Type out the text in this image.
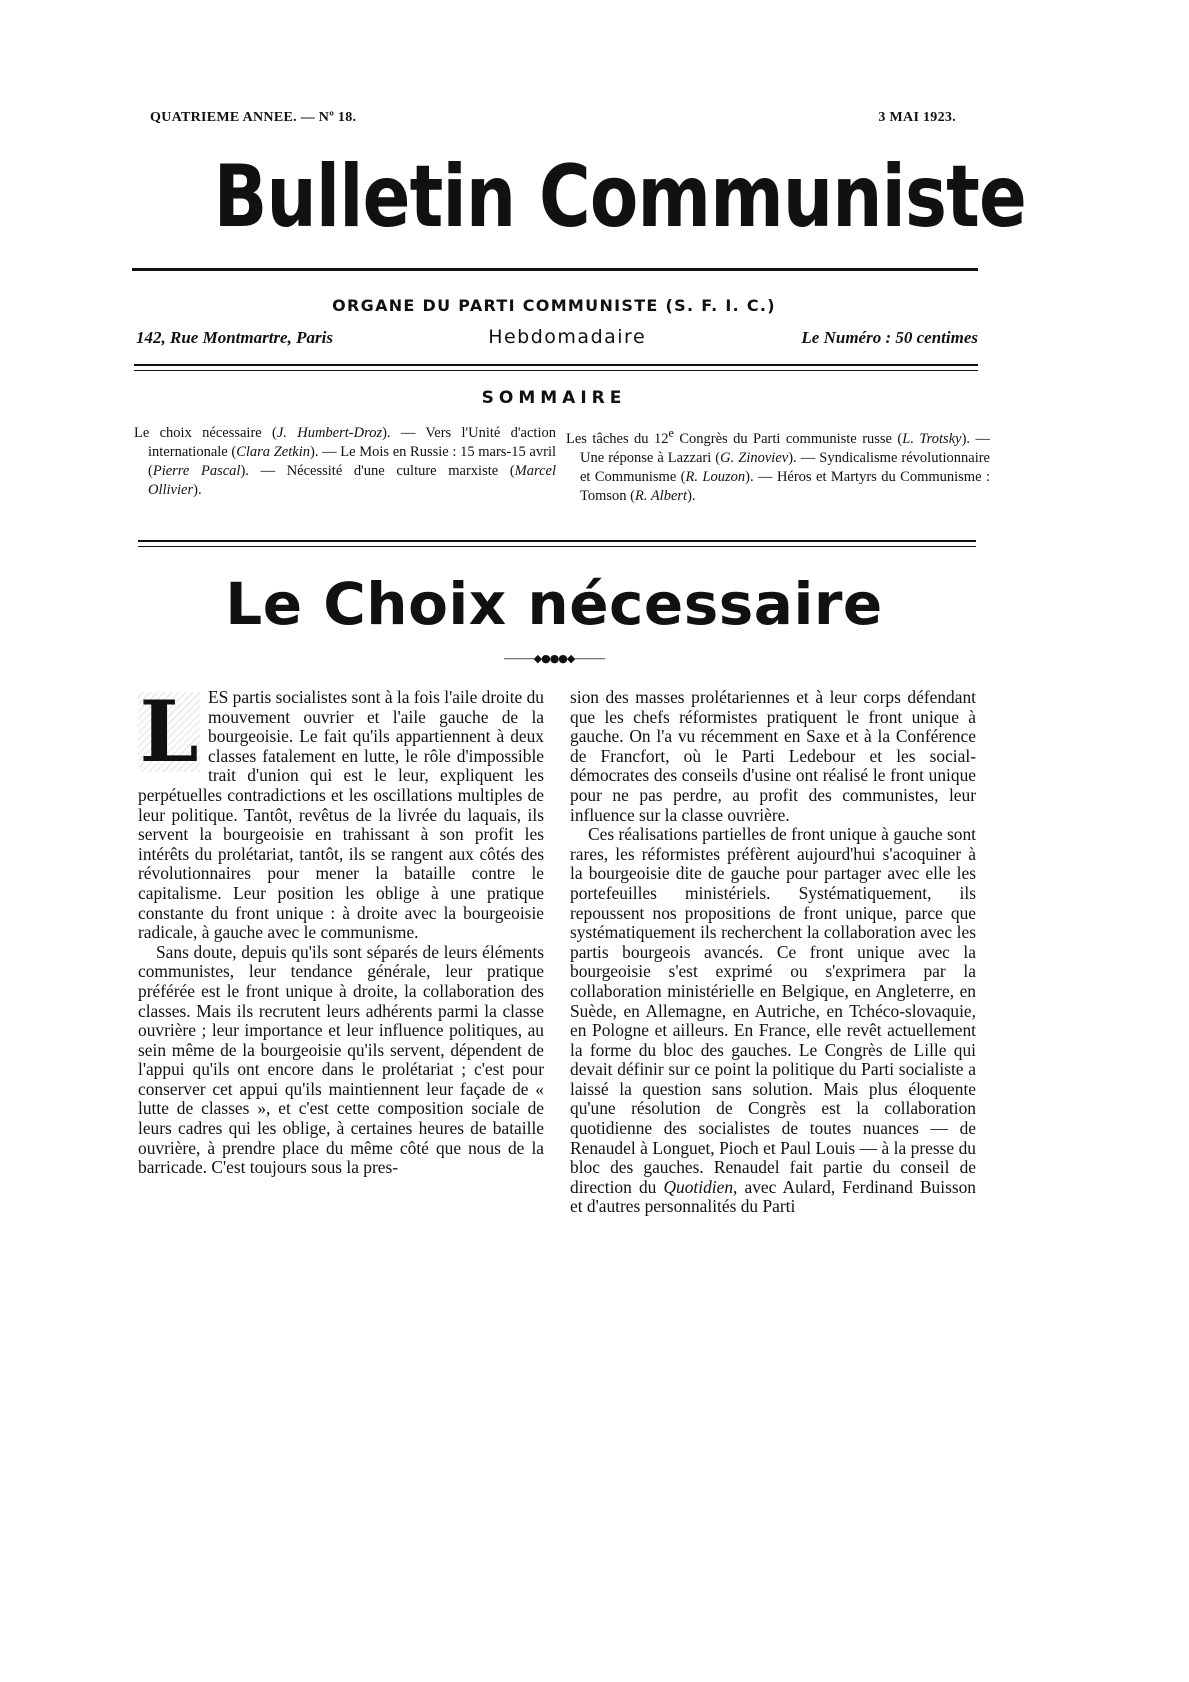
QUATRIEME ANNEE. — Nº 18.	3 MAI 1923.
Bulletin Communiste
ORGANE DU PARTI COMMUNISTE (S. F. I. C.)
142, Rue Montmartre, Paris	Hebdomadaire	Le Numéro : 50 centimes
SOMMAIRE
Le choix nécessaire (J. Humbert-Droz). — Vers l'Unité d'action internationale (Clara Zetkin). — Le Mois en Russie : 15 mars-15 avril (Pierre Pascal). — Nécessité d'une culture marxiste (Marcel Ollivier).
Les tâches du 12e Congrès du Parti communiste russe (L. Trotsky). — Une réponse à Lazzari (G. Zinoviev). — Syndicalisme révolutionnaire et Communisme (R. Louzon). — Héros et Martyrs du Communisme : Tomson (R. Albert).
Le Choix nécessaire
———◆●●●◆———

L ES partis socialistes sont à la fois l'aile droite du mouvement ouvrier et l'aile gauche de la bourgeoisie. Le fait qu'ils appartiennent à deux classes fatalement en lutte, le rôle d'impossible trait d'union qui est le leur, expliquent les perpétuelles contradictions et les oscillations multiples de leur politique. Tantôt, revêtus de la livrée du laquais, ils servent la bourgeoisie en trahissant à son profit les intérêts du prolétariat, tantôt, ils se rangent aux côtés des révolutionnaires pour mener la bataille contre le capitalisme. Leur position les oblige à une pratique constante du front unique : à droite avec la bourgeoisie radicale, à gauche avec le communisme.

Sans doute, depuis qu'ils sont séparés de leurs éléments communistes, leur tendance générale, leur pratique préférée est le front unique à droite, la collaboration des classes. Mais ils recrutent leurs adhérents parmi la classe ouvrière ; leur importance et leur influence politiques, au sein même de la bourgeoisie qu'ils servent, dépendent de l'appui qu'ils ont encore dans le prolétariat ; c'est pour conserver cet appui qu'ils maintiennent leur façade de « lutte de classes », et c'est cette composition sociale de leurs cadres qui les oblige, à certaines heures de bataille ouvrière, à prendre place du même côté que nous de la barricade. C'est toujours sous la pres-

sion des masses prolétariennes et à leur corps défendant que les chefs réformistes pratiquent le front unique à gauche. On l'a vu récemment en Saxe et à la Conférence de Francfort, où le Parti Ledebour et les social-démocrates des conseils d'usine ont réalisé le front unique pour ne pas perdre, au profit des communistes, leur influence sur la classe ouvrière.

Ces réalisations partielles de front unique à gauche sont rares, les réformistes préfèrent aujourd'hui s'acoquiner à la bourgeoisie dite de gauche pour partager avec elle les portefeuilles ministériels. Systématiquement, ils repoussent nos propositions de front unique, parce que systématiquement ils recherchent la collaboration avec les partis bourgeois avancés. Ce front unique avec la bourgeoisie s'est exprimé ou s'exprimera par la collaboration ministérielle en Belgique, en Angleterre, en Suède, en Allemagne, en Autriche, en Tchéco-slovaquie, en Pologne et ailleurs. En France, elle revêt actuellement la forme du bloc des gauches. Le Congrès de Lille qui devait définir sur ce point la politique du Parti socialiste a laissé la question sans solution. Mais plus éloquente qu'une résolution de Congrès est la collaboration quotidienne des socialistes de toutes nuances — de Renaudel à Longuet, Pioch et Paul Louis — à la presse du bloc des gauches. Renaudel fait partie du conseil de direction du Quotidien, avec Aulard, Ferdinand Buisson et d'autres personnalités du Parti
